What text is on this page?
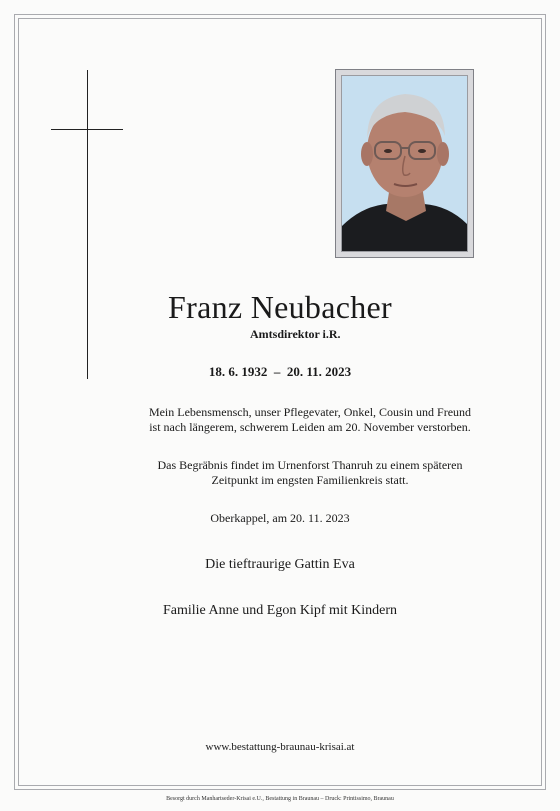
Franz Neubacher
Amtsdirektor i.R.
18. 6. 1932  –  20. 11. 2023
Mein Lebensmensch, unser Pflegevater, Onkel, Cousin und Freund
ist nach längerem, schwerem Leiden am 20. November verstorben.
Das Begräbnis findet im Urnenforst Thanruh zu einem späteren
Zeitpunkt im engsten Familienkreis statt.
Oberkappel, am 20. 11. 2023
Die tieftraurige Gattin Eva
Familie Anne und Egon Kipf mit Kindern
www.bestattung-braunau-krisai.at
Besorgt durch Manhartseder-Krisai e.U., Bestattung in Braunau – Druck: Printissimo, Braunau
